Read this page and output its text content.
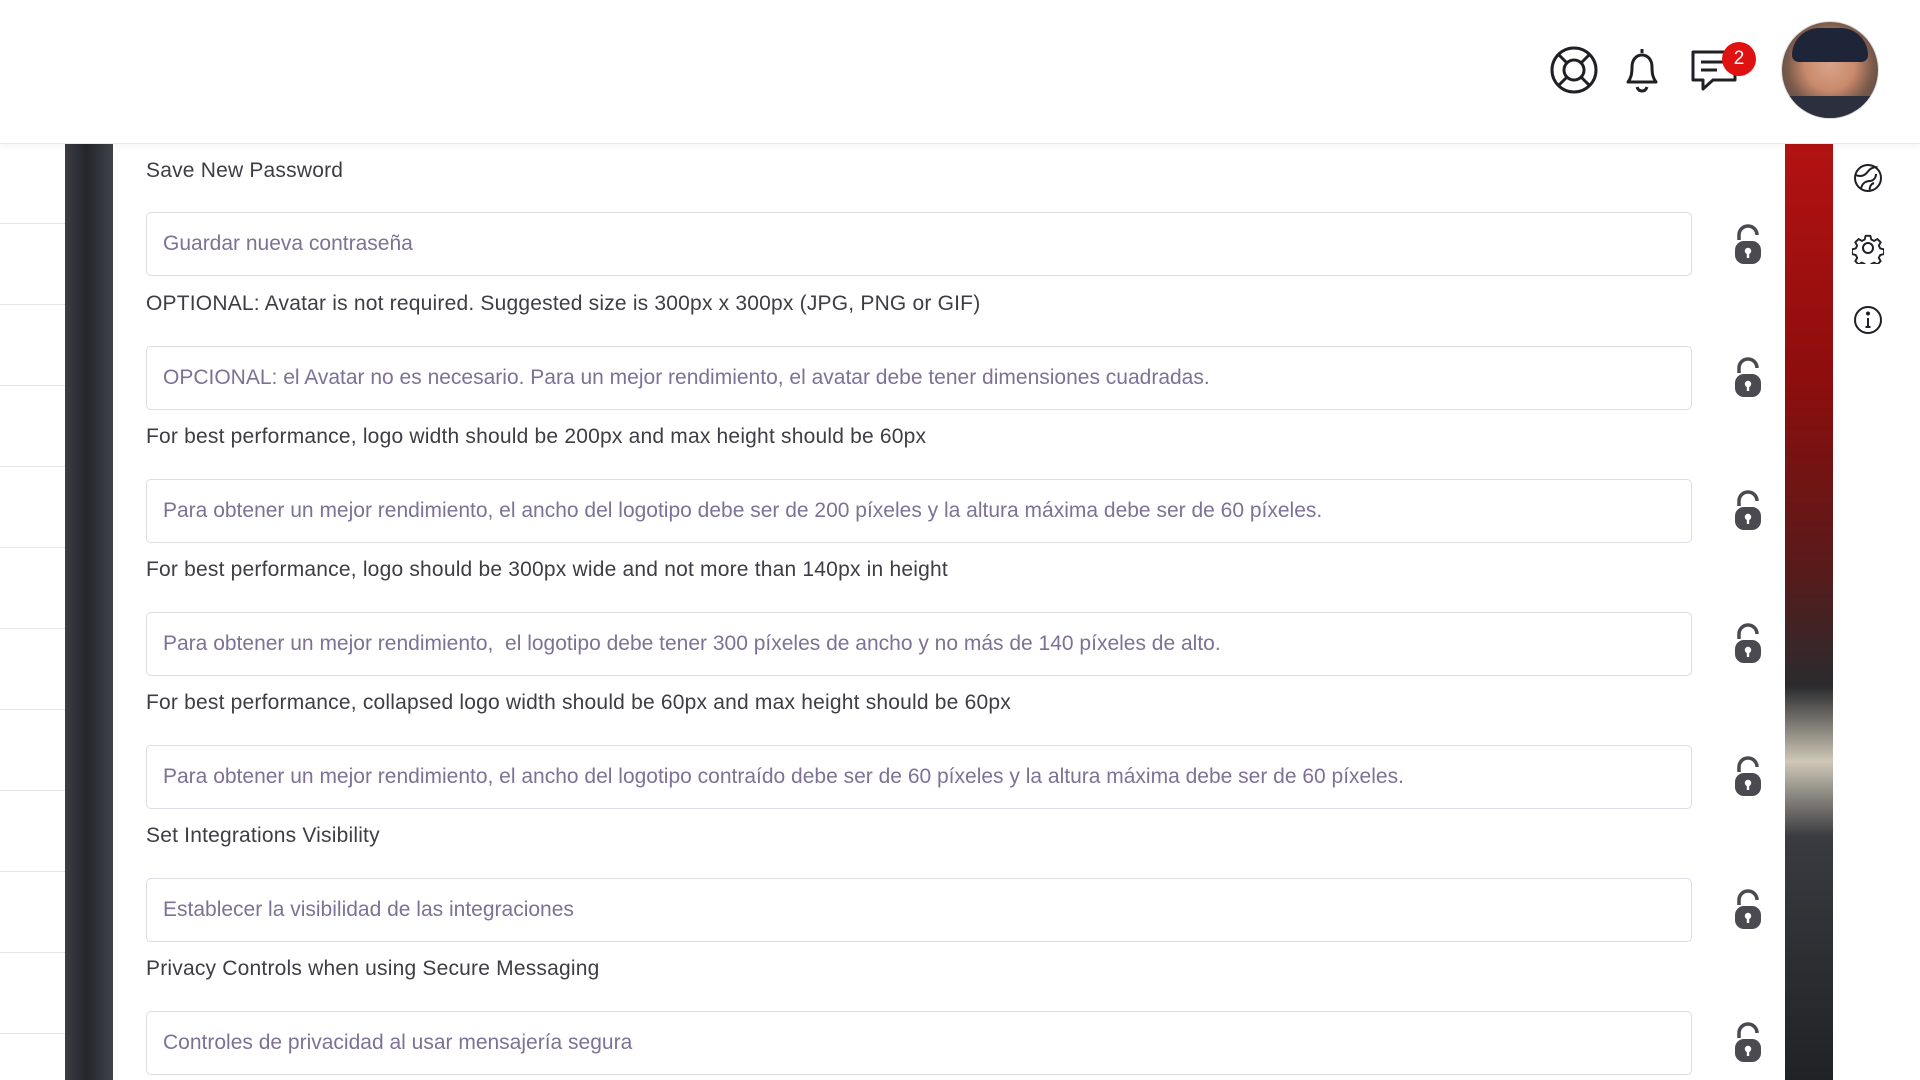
2
Save New Password
Guardar nueva contraseña
OPTIONAL: Avatar is not required. Suggested size is 300px x 300px (JPG, PNG or GIF)
OPCIONAL: el Avatar no es necesario. Para un mejor rendimiento, el avatar debe tener dimensiones cuadradas.
For best performance, logo width should be 200px and max height should be 60px
Para obtener un mejor rendimiento, el ancho del logotipo debe ser de 200 píxeles y la altura máxima debe ser de 60 píxeles.
For best performance, logo should be 300px wide and not more than 140px in height
Para obtener un mejor rendimiento, el logotipo debe tener 300 píxeles de ancho y no más de 140 píxeles de alto.
For best performance, collapsed logo width should be 60px and max height should be 60px
Para obtener un mejor rendimiento, el ancho del logotipo contraído debe ser de 60 píxeles y la altura máxima debe ser de 60 píxeles.
Set Integrations Visibility
Establecer la visibilidad de las integraciones
Privacy Controls when using Secure Messaging
Controles de privacidad al usar mensajería segura
